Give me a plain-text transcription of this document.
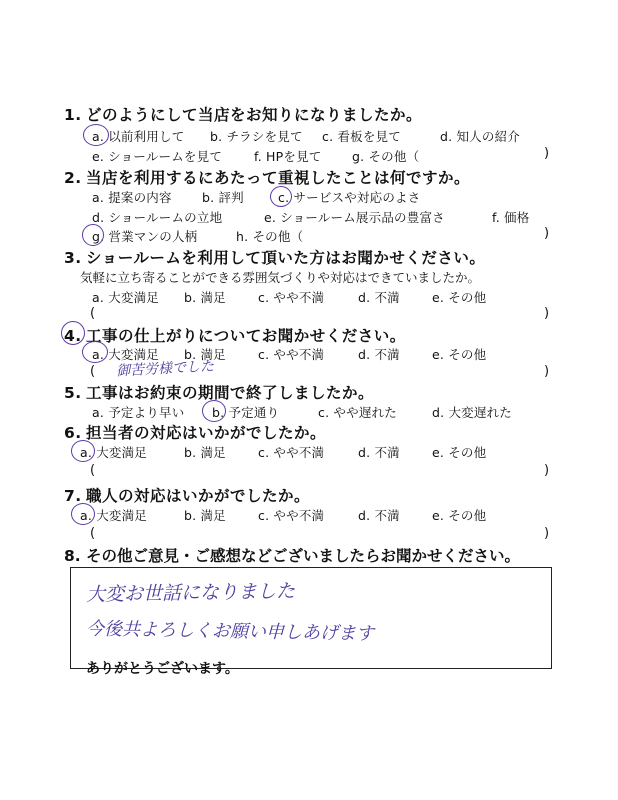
1. どのようにして当店をお知りになりましたか。
a. 以前利用して b. チラシを見て c. 看板を見て	d. 知人の紹介
e. ショールームを見て	f. HPを見て g. その他（	)
2. 当店を利用するにあたって重視したことは何ですか。
a. 提案の内容 b. 評判	c. サービスや対応のよさ
d. ショールームの立地	e. ショールーム展示品の豊富さ	f. 価格
g. 営業マンの人柄	h. その他（	)
3. ショールームを利用して頂いた方はお聞かせください。
気軽に立ち寄ることができる雰囲気づくりや対応はできていましたか。
a. 大変満足 b. 満足	c. やや不満	d. 不満	e. その他
(	)
4. 工事の仕上がりについてお聞かせください。
a. 大変満足 b. 満足	c. やや不満	d. 不満	e. その他
( 御苦労様でした	)
5. 工事はお約束の期間で終了しましたか。
a. 予定より早い b. 予定通り	c. やや遅れた	d. 大変遅れた
6. 担当者の対応はいかがでしたか。
a. 大変満足	b. 満足	c. やや不満	d. 不満	e. その他
(	)
7. 職人の対応はいかがでしたか。
a. 大変満足	b. 満足	c. やや不満	d. 不満	e. その他
(	)
8. その他ご意見・ご感想などございましたらお聞かせください。
大変お世話になりました
今後共よろしくお願い申しあげます
ありがとうございます。
